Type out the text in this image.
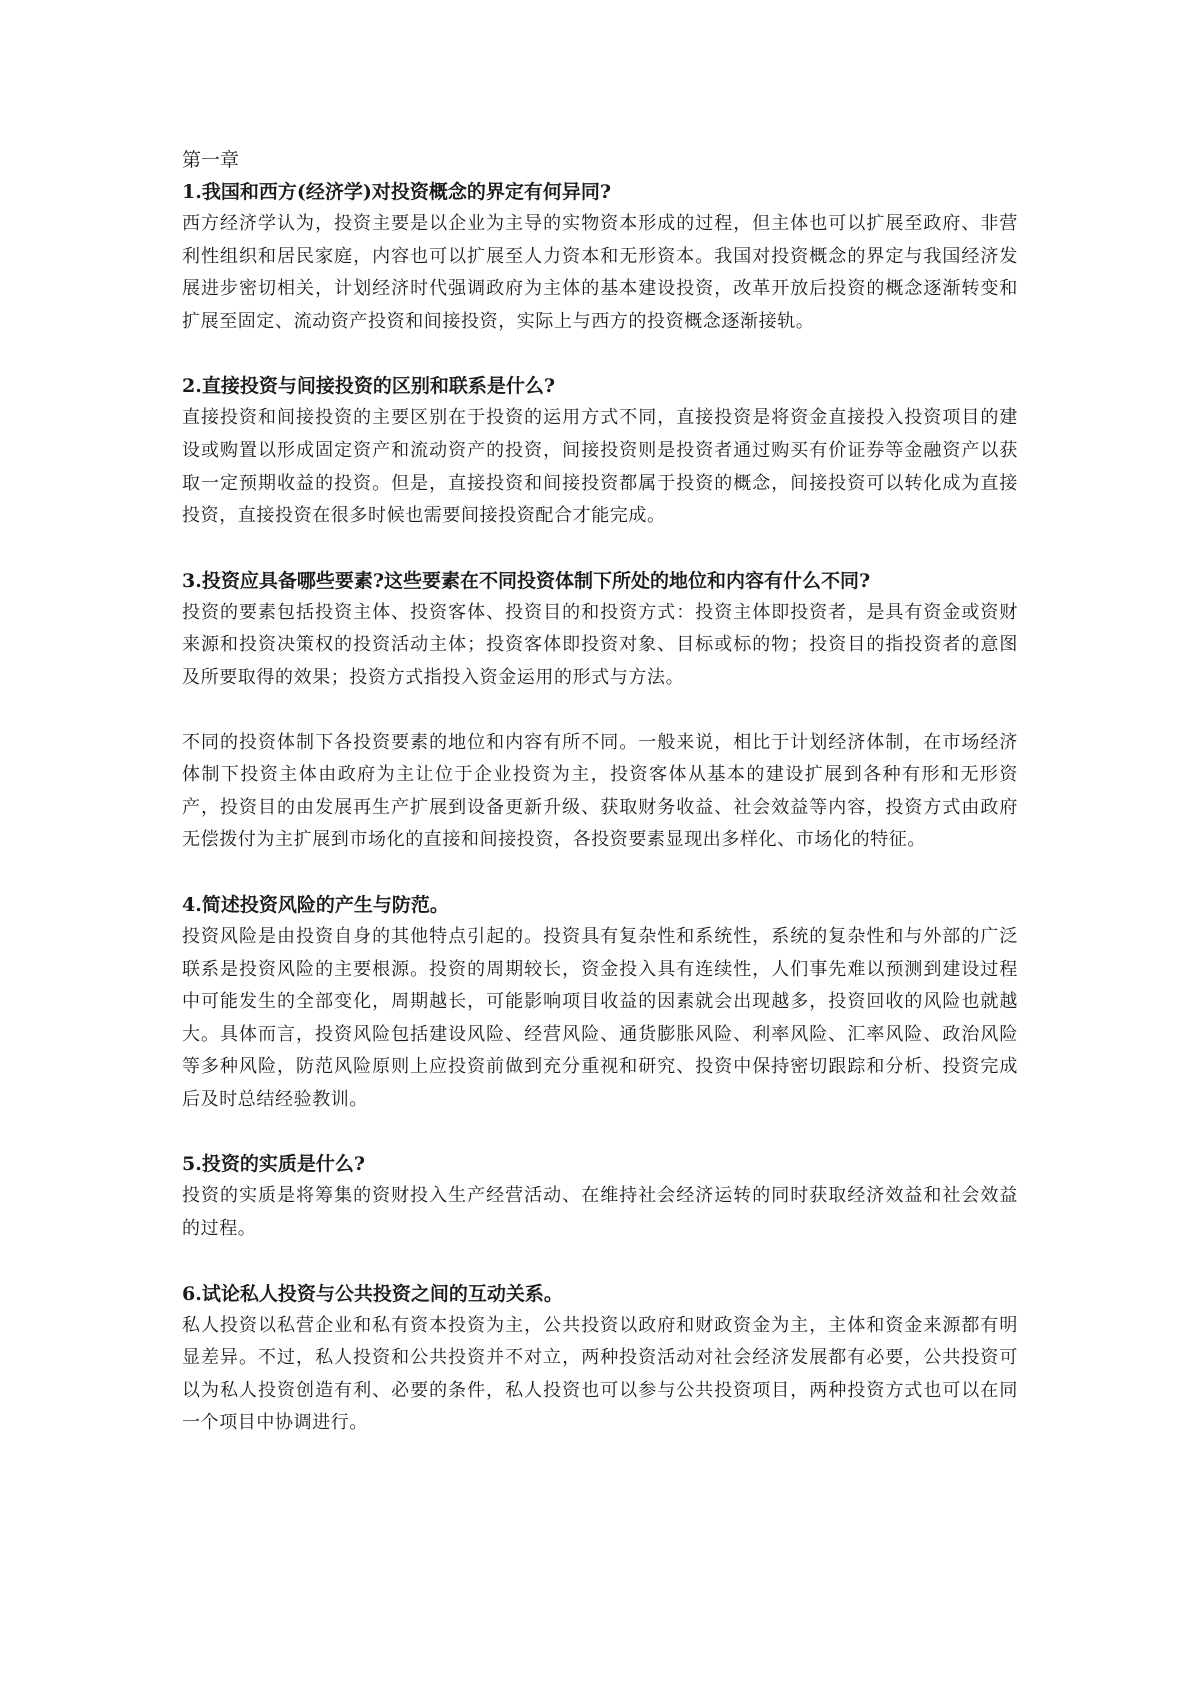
第一章

1.我国和西方(经济学)对投资概念的界定有何异同?

西方经济学认为，投资主要是以企业为主导的实物资本形成的过程，但主体也可以扩展至政府、非营利性组织和居民家庭，内容也可以扩展至人力资本和无形资本。我国对投资概念的界定与我国经济发展进步密切相关，计划经济时代强调政府为主体的基本建设投资，改革开放后投资的概念逐渐转变和扩展至固定、流动资产投资和间接投资，实际上与西方的投资概念逐渐接轨。

2.直接投资与间接投资的区别和联系是什么?

直接投资和间接投资的主要区别在于投资的运用方式不同，直接投资是将资金直接投入投资项目的建设或购置以形成固定资产和流动资产的投资，间接投资则是投资者通过购买有价证券等金融资产以获取一定预期收益的投资。但是，直接投资和间接投资都属于投资的概念，间接投资可以转化成为直接投资，直接投资在很多时候也需要间接投资配合才能完成。

3.投资应具备哪些要素?这些要素在不同投资体制下所处的地位和内容有什么不同?

投资的要素包括投资主体、投资客体、投资目的和投资方式：投资主体即投资者，是具有资金或资财来源和投资决策权的投资活动主体；投资客体即投资对象、目标或标的物；投资目的指投资者的意图及所要取得的效果；投资方式指投入资金运用的形式与方法。

不同的投资体制下各投资要素的地位和内容有所不同。一般来说，相比于计划经济体制，在市场经济体制下投资主体由政府为主让位于企业投资为主，投资客体从基本的建设扩展到各种有形和无形资产，投资目的由发展再生产扩展到设备更新升级、获取财务收益、社会效益等内容，投资方式由政府无偿拨付为主扩展到市场化的直接和间接投资，各投资要素显现出多样化、市场化的特征。

4.简述投资风险的产生与防范。

投资风险是由投资自身的其他特点引起的。投资具有复杂性和系统性，系统的复杂性和与外部的广泛联系是投资风险的主要根源。投资的周期较长，资金投入具有连续性，人们事先难以预测到建设过程中可能发生的全部变化，周期越长，可能影响项目收益的因素就会出现越多，投资回收的风险也就越大。具体而言，投资风险包括建设风险、经营风险、通货膨胀风险、利率风险、汇率风险、政治风险等多种风险，防范风险原则上应投资前做到充分重视和研究、投资中保持密切跟踪和分析、投资完成后及时总结经验教训。

5.投资的实质是什么?

投资的实质是将筹集的资财投入生产经营活动、在维持社会经济运转的同时获取经济效益和社会效益的过程。

6.试论私人投资与公共投资之间的互动关系。

私人投资以私营企业和私有资本投资为主，公共投资以政府和财政资金为主，主体和资金来源都有明显差异。不过，私人投资和公共投资并不对立，两种投资活动对社会经济发展都有必要，公共投资可以为私人投资创造有利、必要的条件，私人投资也可以参与公共投资项目，两种投资方式也可以在同一个项目中协调进行。
